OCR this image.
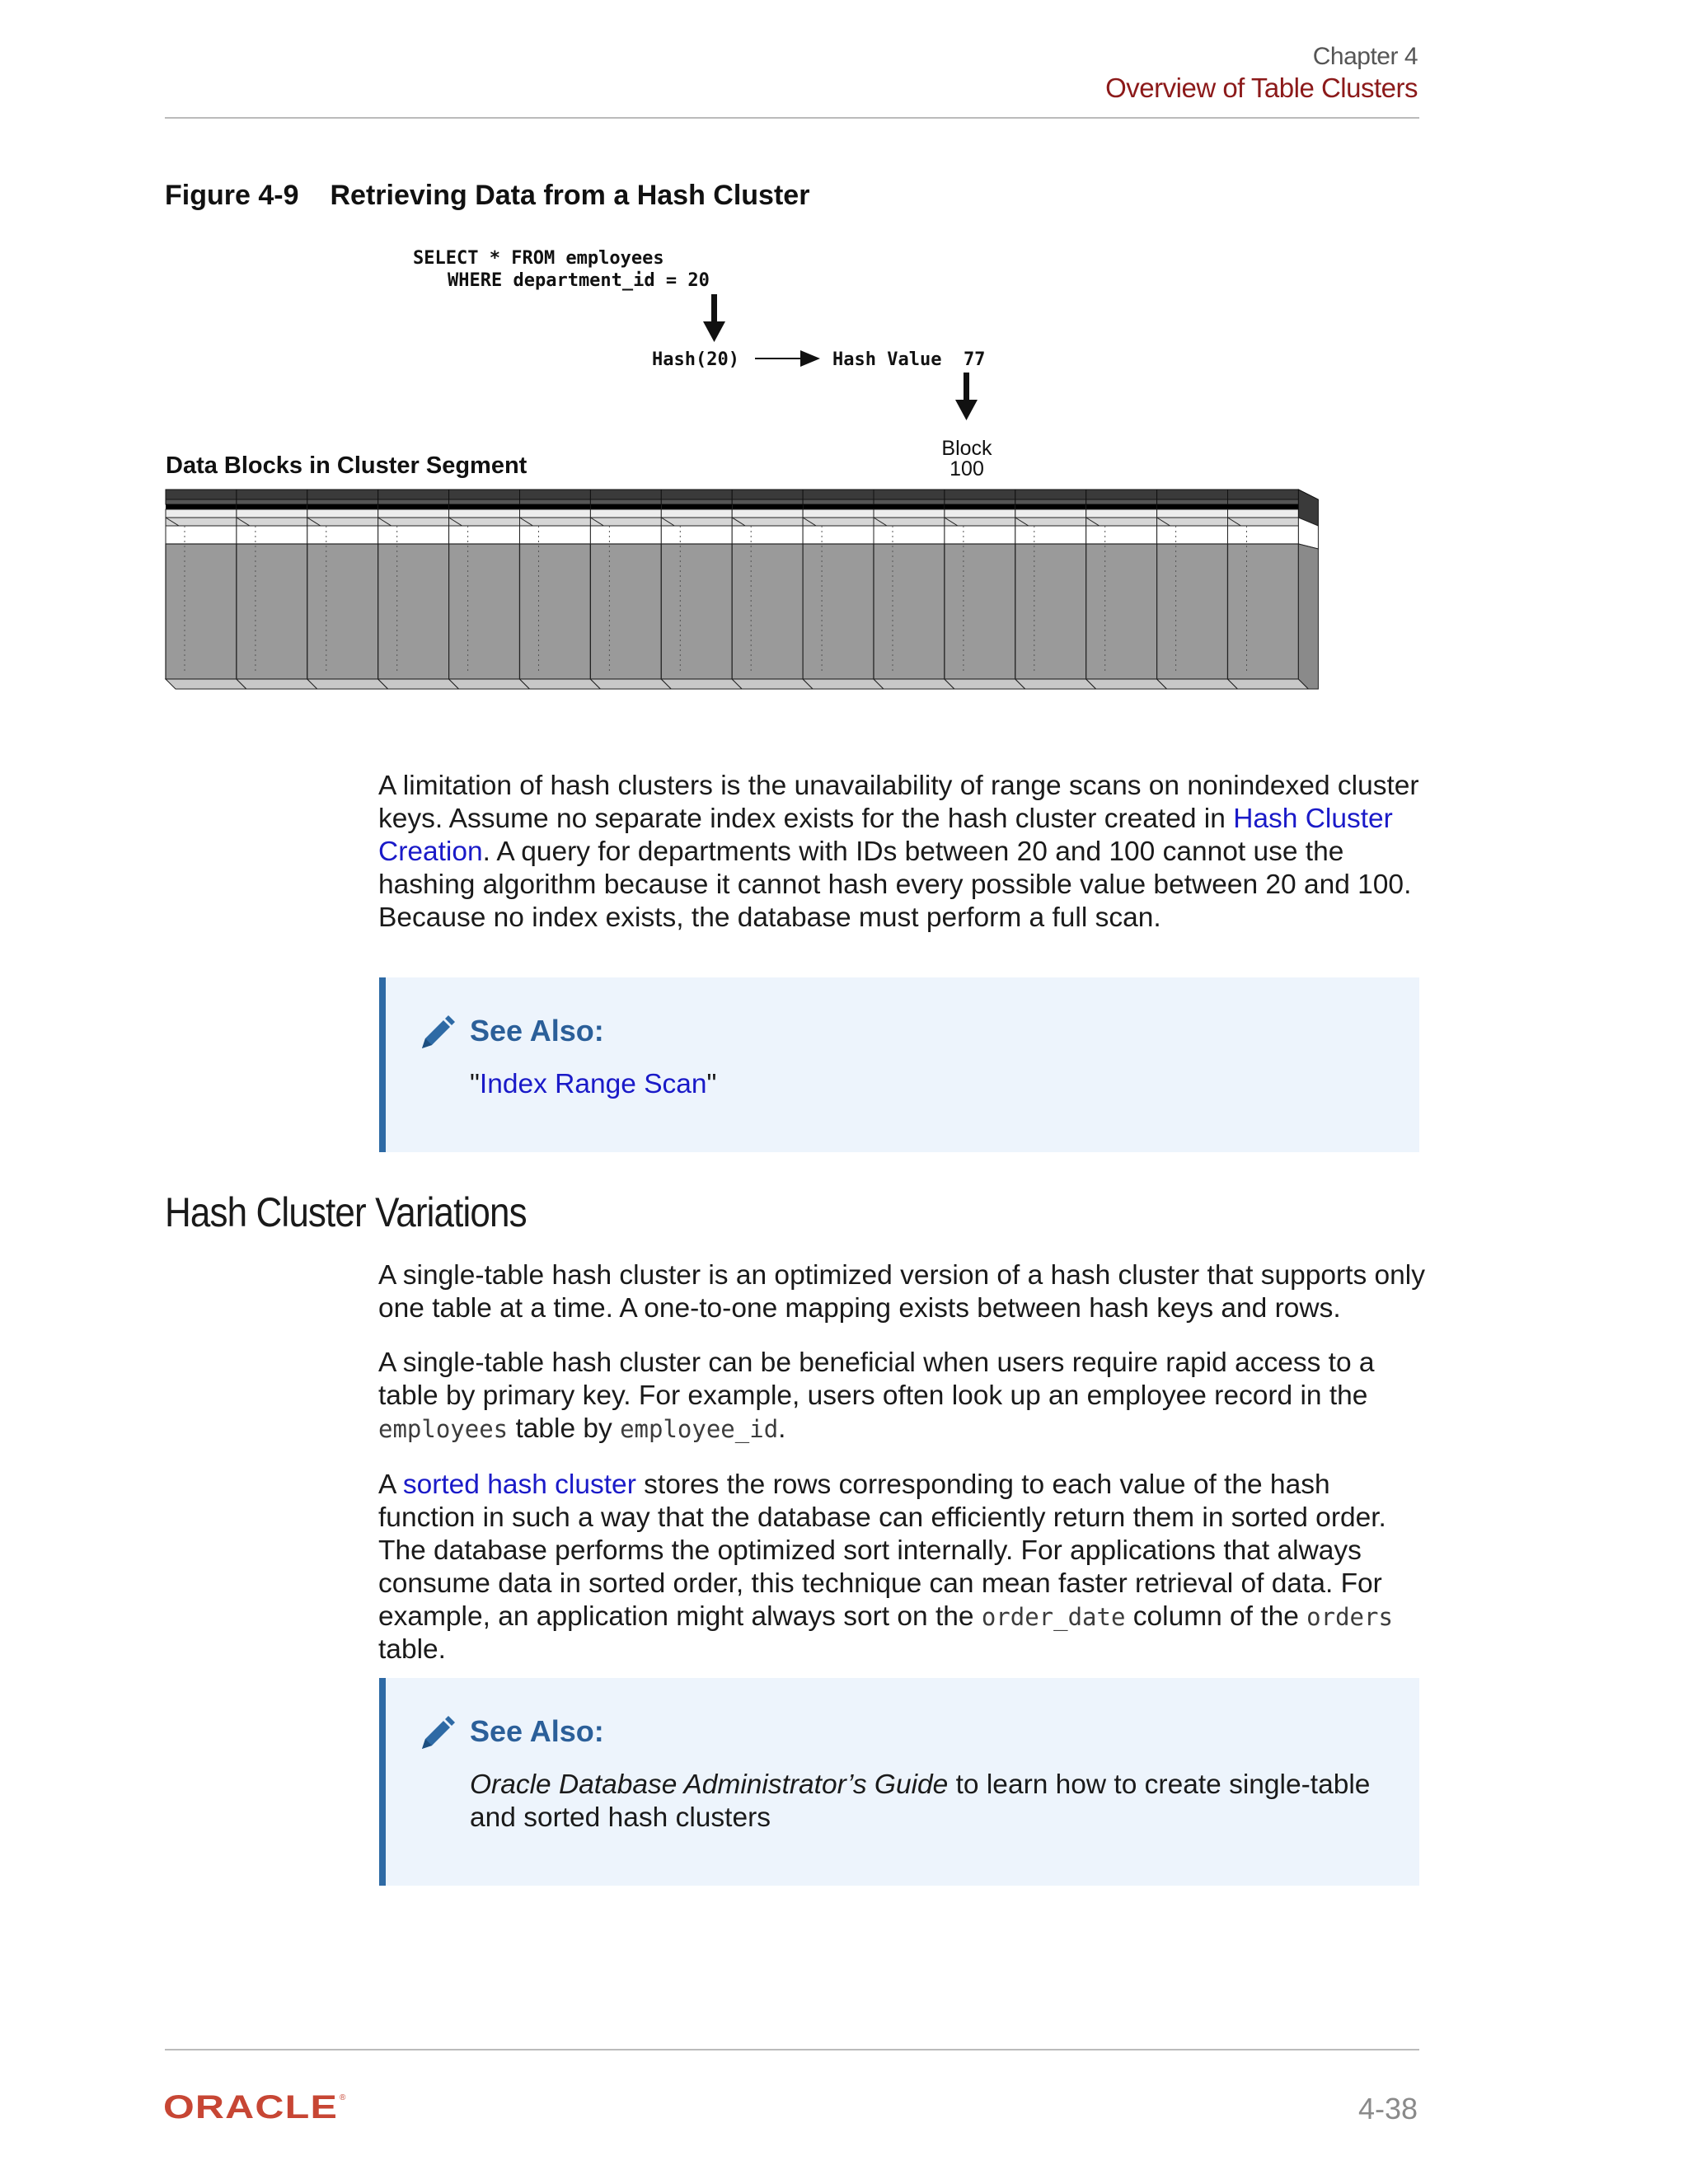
Chapter 4
Overview of Table Clusters
Figure 4-9 Retrieving Data from a Hash Cluster
SELECT * FROM employees
WHERE department_id = 20
Hash(20)	Hash Value  77
Block
100
Data Blocks in Cluster Segment

A limitation of hash clusters is the unavailability of range scans on nonindexed cluster keys. Assume no separate index exists for the hash cluster created in Hash Cluster Creation. A query for departments with IDs between 20 and 100 cannot use the hashing algorithm because it cannot hash every possible value between 20 and 100. Because no index exists, the database must perform a full scan.

See Also:

"Index Range Scan"

Hash Cluster Variations

A single-table hash cluster is an optimized version of a hash cluster that supports only one table at a time. A one-to-one mapping exists between hash keys and rows.

A single-table hash cluster can be beneficial when users require rapid access to a table by primary key. For example, users often look up an employee record in the employees table by employee_id.

A sorted hash cluster stores the rows corresponding to each value of the hash function in such a way that the database can efficiently return them in sorted order. The database performs the optimized sort internally. For applications that always consume data in sorted order, this technique can mean faster retrieval of data. For example, an application might always sort on the order_date column of the orders table.

See Also:

Oracle Database Administrator’s Guide to learn how to create single-table and sorted hash clusters

ORACLE ®	4-38
